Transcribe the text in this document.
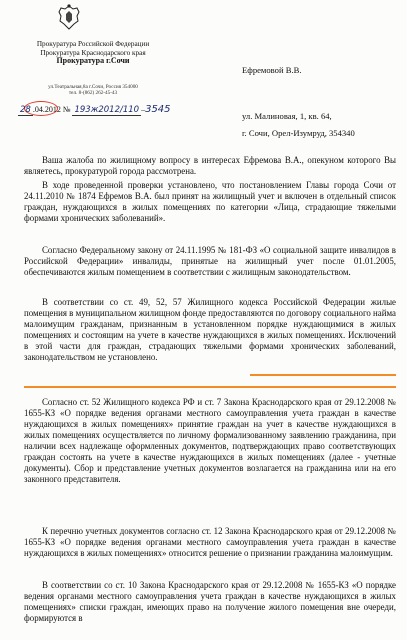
Прокуратура Российской Федерации
Прокуратура Краснодарского края
Прокуратура г.Сочи
ул.Театральная,8а г.Сочи, Россия 354000
тел. 8-(862) 262-45-43
28 .04.2012 № 193ж2012/110 –3545
Ефремовой В.В.
ул. Малиновая, 1, кв. 64,
г. Сочи, Орел-Изумруд, 354340

Ваша жалоба по жилищному вопросу в интересах Ефремова В.А., опекуном которого Вы являетесь, прокуратурой города рассмотрена.

В ходе проведенной проверки установлено, что постановлением Главы города Сочи от 24.11.2010 № 1874 Ефремов В.А. был принят на жилищный учет и включен в отдельный список граждан, нуждающихся в жилых помещениях по категории «Лица, страдающие тяжелыми формами хронических заболеваний».

Согласно Федеральному закону от 24.11.1995 № 181-ФЗ «О социальной защите инвалидов в Российской Федерации» инвалиды, принятые на жилищный учет после 01.01.2005, обеспечиваются жилым помещением в соответствии с жилищным законодательством.

В соответствии со ст. 49, 52, 57 Жилищного кодекса Российской Федерации жилые помещения в муниципальном жилищном фонде предоставляются по договору социального найма малоимущим гражданам, признанным в установленном порядке нуждающимися в жилых помещениях и состоящим на учете в качестве нуждающихся в жилых помещениях. Исключений в этой части для граждан, страдающих тяжелыми формами хронических заболеваний, законодательством не установлено.

Согласно ст. 52 Жилищного кодекса РФ и ст. 7 Закона Краснодарского края от 29.12.2008 № 1655-КЗ «О порядке ведения органами местного самоуправления учета граждан в качестве нуждающихся в жилых помещениях» принятие граждан на учет в качестве нуждающихся в жилых помещениях осуществляется по личному формализованному заявлению гражданина, при наличии всех надлежаще оформленных документов, подтверждающих право соответствующих граждан состоять на учете в качестве нуждающихся в жилых помещениях (далее - учетные документы). Сбор и представление учетных документов возлагается на гражданина или на его законного представителя.

К перечню учетных документов согласно ст. 12 Закона Краснодарского края от 29.12.2008 № 1655-КЗ «О порядке ведения органами местного самоуправления учета граждан в качестве нуждающихся в жилых помещениях» относится решение о признании гражданина малоимущим.

В соответствии со ст. 10 Закона Краснодарского края от 29.12.2008 № 1655-КЗ «О порядке ведения органами местного самоуправления учета граждан в качестве нуждающихся в жилых помещениях» списки граждан, имеющих право на получение жилого помещения вне очереди, формируются в
